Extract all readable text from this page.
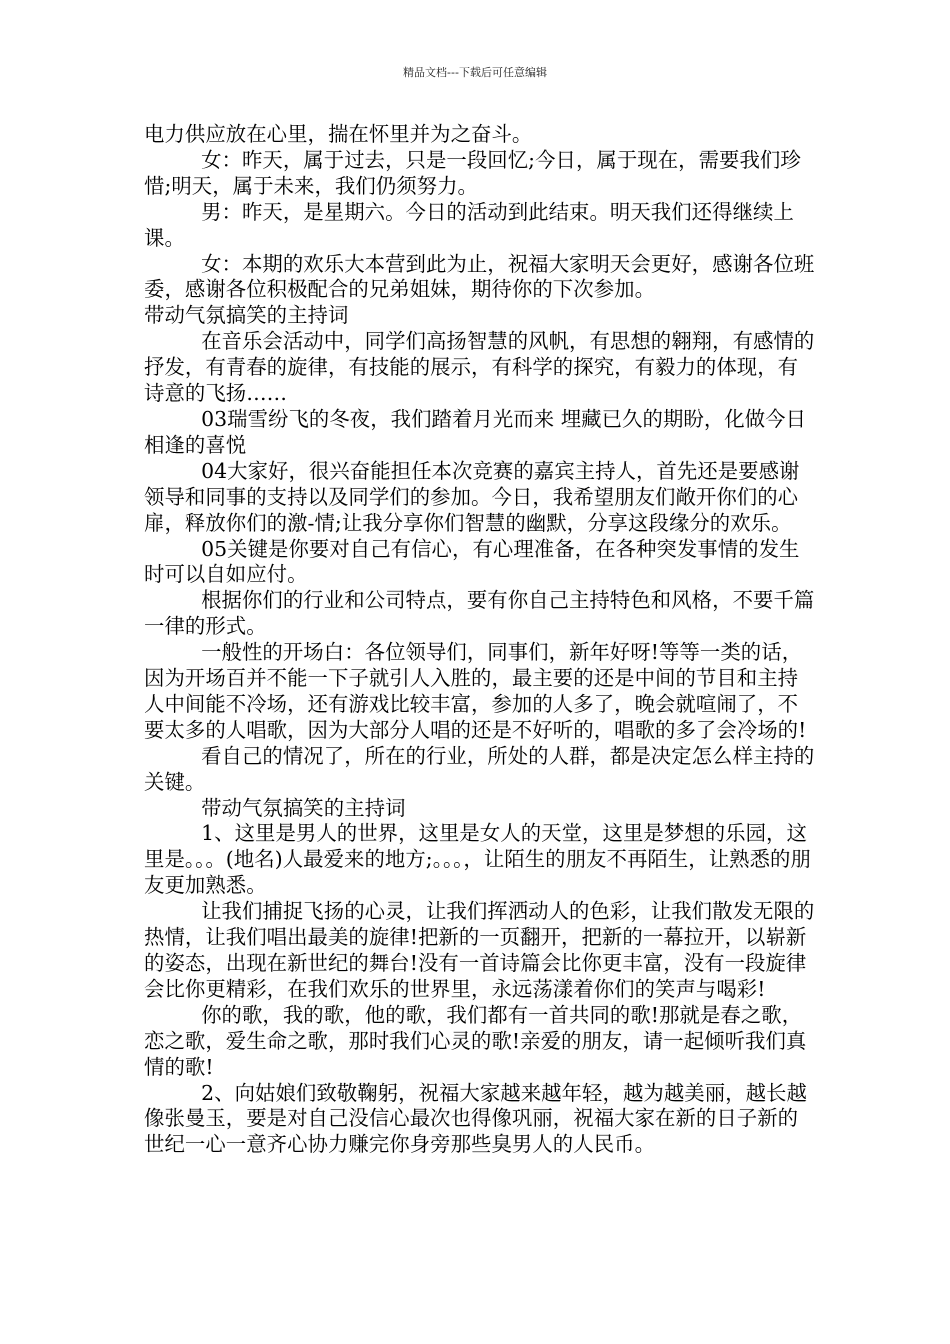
精品文档---下载后可任意编辑

电力供应放在心里，揣在怀里并为之奋斗。

女：昨天，属于过去，只是一段回忆;今日，属于现在，需要我们珍惜;明天，属于未来，我们仍须努力。

男：昨天，是星期六。今日的活动到此结束。明天我们还得继续上课。

女：本期的欢乐大本营到此为止，祝福大家明天会更好，感谢各位班委，感谢各位积极配合的兄弟姐妹，期待你的下次参加。

带动气氛搞笑的主持词

在音乐会活动中，同学们高扬智慧的风帆，有思想的翱翔，有感情的抒发，有青春的旋律，有技能的展示，有科学的探究，有毅力的体现，有诗意的飞扬……

03瑞雪纷飞的冬夜，我们踏着月光而来 埋藏已久的期盼，化做今日相逢的喜悦

04大家好，很兴奋能担任本次竞赛的嘉宾主持人，首先还是要感谢领导和同事的支持以及同学们的参加。今日，我希望朋友们敞开你们的心扉，释放你们的激-情;让我分享你们智慧的幽默，分享这段缘分的欢乐。

05关键是你要对自己有信心，有心理准备，在各种突发事情的发生时可以自如应付。

根据你们的行业和公司特点，要有你自己主持特色和风格，不要千篇一律的形式。

一般性的开场白：各位领导们，同事们，新年好呀!等等一类的话，因为开场百并不能一下子就引人入胜的，最主要的还是中间的节目和主持人中间能不冷场，还有游戏比较丰富，参加的人多了，晚会就喧闹了，不要太多的人唱歌，因为大部分人唱的还是不好听的，唱歌的多了会冷场的!

看自己的情况了，所在的行业，所处的人群，都是决定怎么样主持的关键。

带动气氛搞笑的主持词

1、这里是男人的世界，这里是女人的天堂，这里是梦想的乐园，这里是。。。(地名)人最爱来的地方;。。。，让陌生的朋友不再陌生，让熟悉的朋友更加熟悉。

让我们捕捉飞扬的心灵，让我们挥洒动人的色彩，让我们散发无限的热情，让我们唱出最美的旋律!把新的一页翻开，把新的一幕拉开，以崭新的姿态，出现在新世纪的舞台!没有一首诗篇会比你更丰富，没有一段旋律会比你更精彩，在我们欢乐的世界里，永远荡漾着你们的笑声与喝彩!

你的歌，我的歌，他的歌，我们都有一首共同的歌!那就是春之歌，恋之歌，爱生命之歌，那时我们心灵的歌!亲爱的朋友，请一起倾听我们真情的歌!

2、向姑娘们致敬鞠躬，祝福大家越来越年轻，越为越美丽，越长越像张曼玉，要是对自己没信心最次也得像巩丽，祝福大家在新的日子新的世纪一心一意齐心协力赚完你身旁那些臭男人的人民币。
